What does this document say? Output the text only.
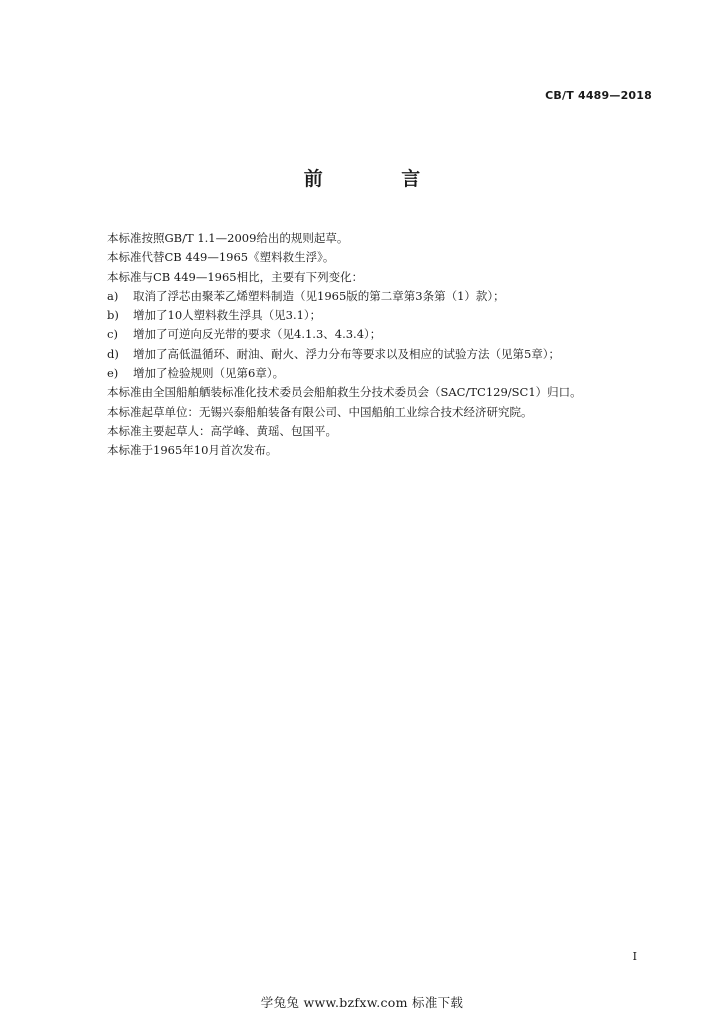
CB/T 4489—2018
前 言
本标准按照GB/T 1.1—2009给出的规则起草。
本标准代替CB 449—1965《塑料救生浮》。
本标准与CB 449—1965相比，主要有下列变化：
a)	取消了浮芯由聚苯乙烯塑料制造（见1965版的第二章第3条第（1）款）；
b)	增加了10人塑料救生浮具（见3.1）；
c)	增加了可逆向反光带的要求（见4.1.3、4.3.4）；
d)	增加了高低温循环、耐油、耐火、浮力分布等要求以及相应的试验方法（见第5章）；
e)	增加了检验规则（见第6章）。
本标准由全国船舶舾装标准化技术委员会船舶救生分技术委员会（SAC/TC129/SC1）归口。
本标准起草单位：无锡兴泰船舶装备有限公司、中国船舶工业综合技术经济研究院。
本标准主要起草人：高学峰、黄瑶、包国平。
本标准于1965年10月首次发布。
I
学兔兔 www.bzfxw.com 标准下载
